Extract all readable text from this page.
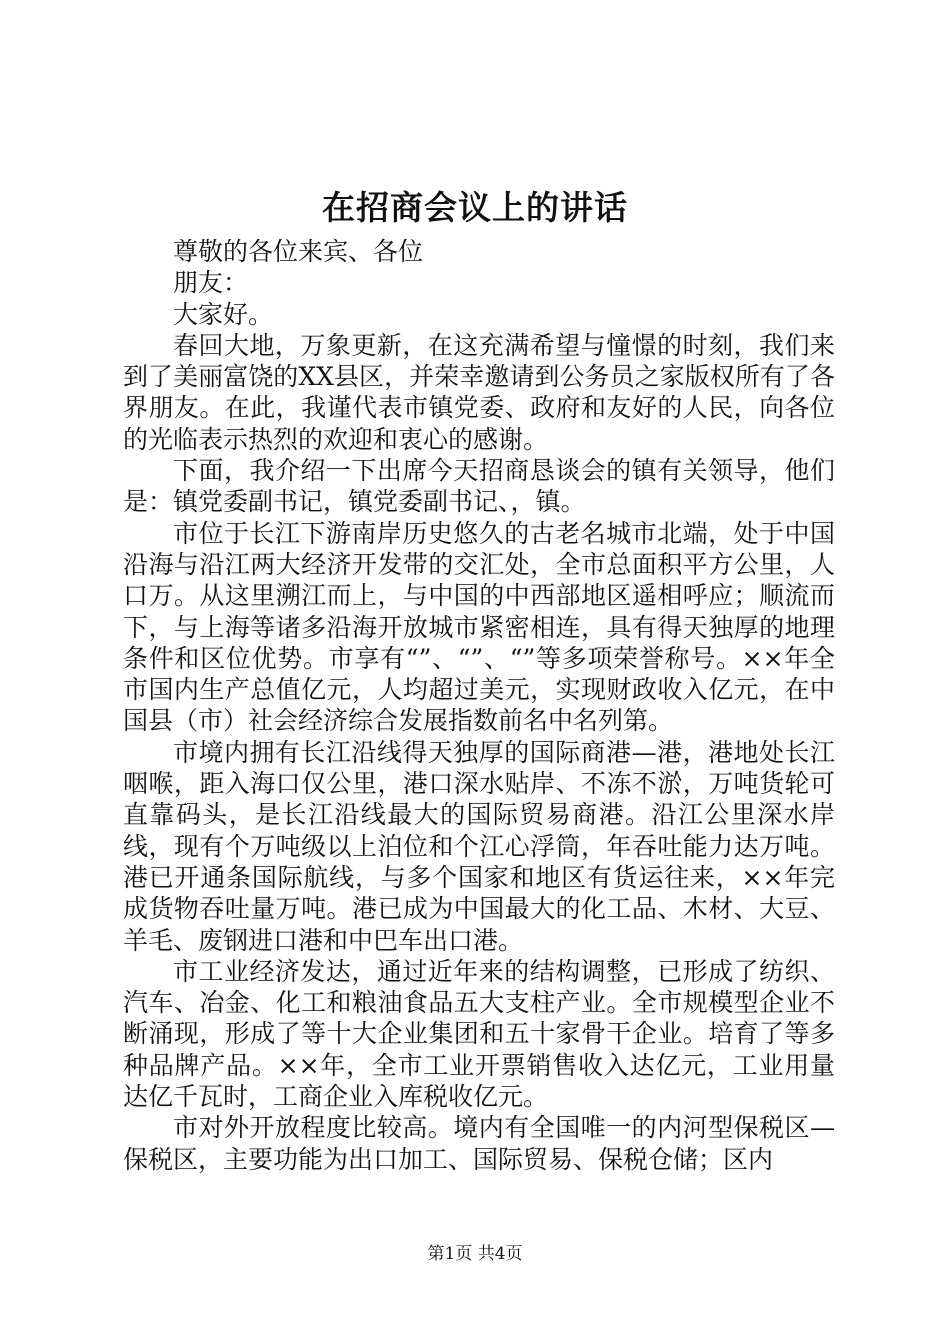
在招商会议上的讲话

尊敬的各位来宾、各位

朋友：

大家好。

春回大地，万象更新，在这充满希望与憧憬的时刻，我们来到了美丽富饶的XX县区，并荣幸邀请到公务员之家版权所有了各界朋友。在此，我谨代表市镇党委、政府和友好的人民，向各位的光临表示热烈的欢迎和衷心的感谢。

下面，我介绍一下出席今天招商恳谈会的镇有关领导，他们是：镇党委副书记，镇党委副书记、，镇。

市位于长江下游南岸历史悠久的古老名城市北端，处于中国沿海与沿江两大经济开发带的交汇处，全市总面积平方公里，人口万。从这里溯江而上，与中国的中西部地区遥相呼应；顺流而下，与上海等诸多沿海开放城市紧密相连，具有得天独厚的地理条件和区位优势。市享有“”、“”、“”等多项荣誉称号。××年全市国内生产总值亿元，人均超过美元，实现财政收入亿元，在中国县（市）社会经济综合发展指数前名中名列第。

市境内拥有长江沿线得天独厚的国际商港—港，港地处长江咽喉，距入海口仅公里，港口深水贴岸、不冻不淤，万吨货轮可直靠码头，是长江沿线最大的国际贸易商港。沿江公里深水岸线，现有个万吨级以上泊位和个江心浮筒，年吞吐能力达万吨。港已开通条国际航线，与多个国家和地区有货运往来，××年完成货物吞吐量万吨。港已成为中国最大的化工品、木材、大豆、羊毛、废钢进口港和中巴车出口港。

市工业经济发达，通过近年来的结构调整，已形成了纺织、汽车、冶金、化工和粮油食品五大支柱产业。全市规模型企业不断涌现，形成了等十大企业集团和五十家骨干企业。培育了等多种品牌产品。××年，全市工业开票销售收入达亿元，工业用量达亿千瓦时，工商企业入库税收亿元。

市对外开放程度比较高。境内有全国唯一的内河型保税区—保税区，主要功能为出口加工、国际贸易、保税仓储；区内

第1页 共4页
